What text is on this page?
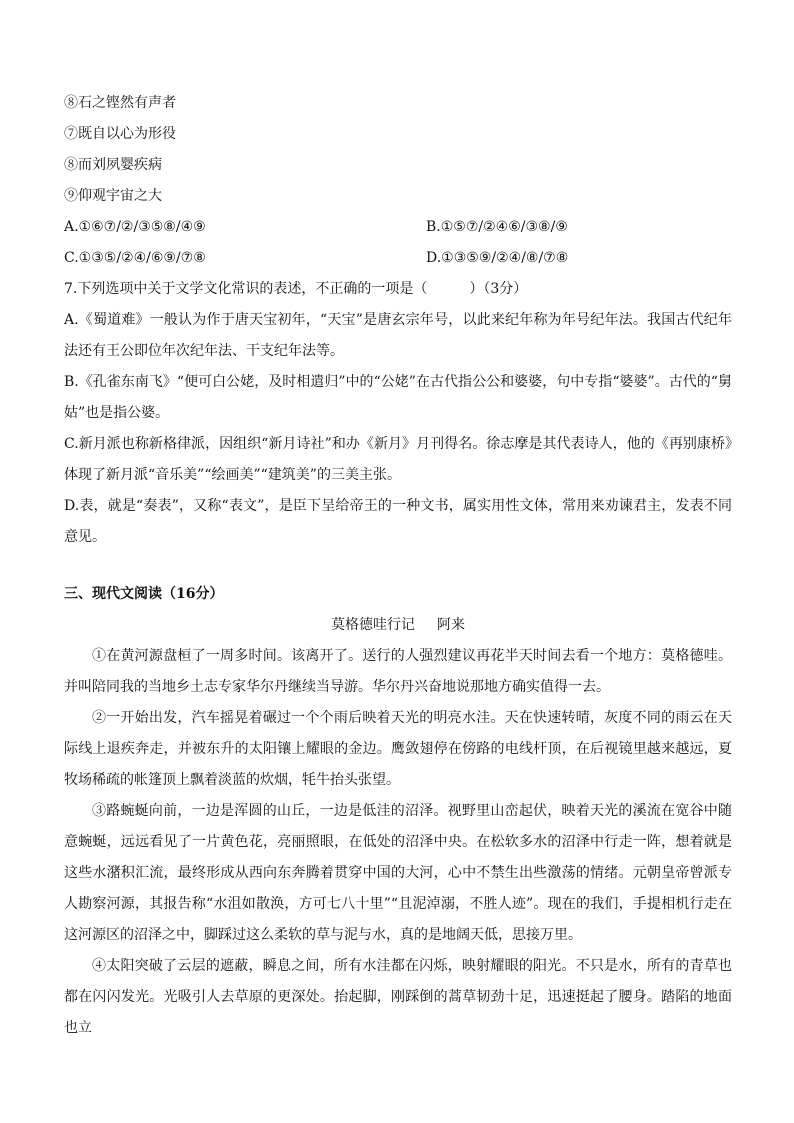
⑧石之铿然有声者
⑦既自以心为形役
⑧而刘夙婴疾病
⑨仰观宇宙之大
A.①⑥⑦/②/③⑤⑧/④⑨	B.①⑤⑦/②④⑥/③⑧/⑨
C.①③⑤/②④/⑥⑨/⑦⑧	D.①③⑤⑨/②④/⑧/⑦⑧
7.下列选项中关于文学文化常识的表述，不正确的一项是（　　　）（3分）

A.《蜀道难》一般认为作于唐天宝初年，“天宝”是唐玄宗年号，以此来纪年称为年号纪年法。我国古代纪年法还有王公即位年次纪年法、干支纪年法等。

B.《孔雀东南飞》“便可白公姥，及时相遣归”中的“公姥”在古代指公公和婆婆，句中专指“婆婆”。古代的“舅姑”也是指公婆。

C.新月派也称新格律派，因组织“新月诗社”和办《新月》月刊得名。徐志摩是其代表诗人，他的《再别康桥》体现了新月派“音乐美”“绘画美”“建筑美”的三美主张。

D.表，就是“奏表”，又称“表文”，是臣下呈给帝王的一种文书，属实用性文体，常用来劝谏君主，发表不同意见。

三、现代文阅读（16分）
莫格德哇行记 阿来

①在黄河源盘桓了一周多时间。该离开了。送行的人强烈建议再花半天时间去看一个地方：莫格德哇。并叫陪同我的当地乡土志专家华尔丹继续当导游。华尔丹兴奋地说那地方确实值得一去。

②一开始出发，汽车摇晃着碾过一个个雨后映着天光的明亮水洼。天在快速转晴，灰度不同的雨云在天际线上退疾奔走，并被东升的太阳镶上耀眼的金边。鹰敛翅停在傍路的电线杆顶，在后视镜里越来越远，夏牧场稀疏的帐篷顶上飘着淡蓝的炊烟，牦牛抬头张望。

③路蜿蜒向前，一边是浑圆的山丘，一边是低洼的沼泽。视野里山峦起伏，映着天光的溪流在宽谷中随意蜿蜒，远远看见了一片黄色花，亮丽照眼，在低处的沼泽中央。在松软多水的沼泽中行走一阵，想着就是这些水潴积汇流，最终形成从西向东奔腾着贯穿中国的大河，心中不禁生出些激荡的情绪。元朝皇帝曾派专人勘察河源，其报告称“水沮如散涣，方可七八十里”“且泥淖溺，不胜人迹”。现在的我们，手提相机行走在这河源区的沼泽之中，脚踩过这么柔软的草与泥与水，真的是地阔天低，思接万里。

④太阳突破了云层的遮蔽，瞬息之间，所有水洼都在闪烁，映射耀眼的阳光。不只是水，所有的青草也都在闪闪发光。光吸引人去草原的更深处。抬起脚，刚踩倒的蒿草韧劲十足，迅速挺起了腰身。踏陷的地面也立
